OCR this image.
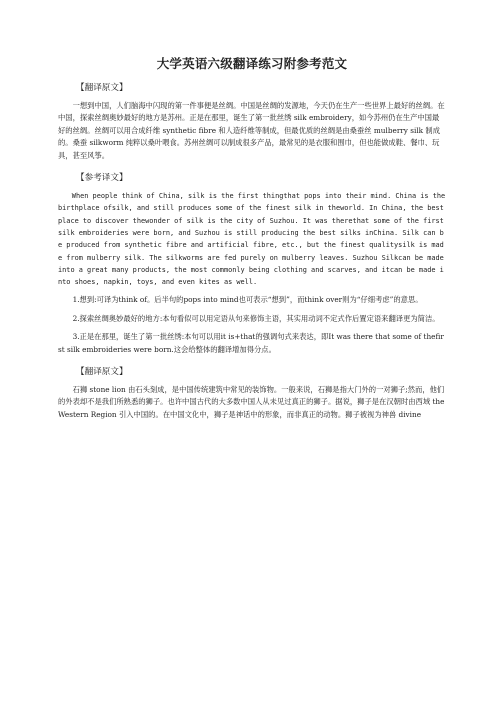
大学英语六级翻译练习附参考范文
【翻译原文】

一想到中国，人们脑海中闪现的第一件事便是丝绸。中国是丝绸的发源地，今天仍在生产一些世界上最好的丝绸。在中国，探索丝绸奥妙最好的地方是苏州。正是在那里，诞生了第一批丝绣 silk embroidery，如今苏州仍在生产中国最好的丝绸。丝绸可以用合成纤维 synthetic fibre 和人造纤维等制成，但最优质的丝绸是由桑蚕丝 mulberry silk 制成的。桑蚕 silkworm 纯粹以桑叶喂食。苏州丝绸可以制成很多产品，最常见的是衣服和围巾，但也能做成鞋、餐巾、玩具，甚至风筝。

【参考译文】

When people think of China, silk is the first thingthat pops into their mind. China is the birthplace ofsilk, and still produces some of the finest silk in theworld. In China, the best place to discover thewonder of silk is the city of Suzhou. It was therethat some of the first silk embroideries were born, and Suzhou is still producing the best silks inChina. Silk can be produced from synthetic fibre and artificial fibre, etc., but the finest qualitysilk is made from mulberry silk. The silkworms are fed purely on mulberry leaves. Suzhou Silkcan be made into a great many products, the most commonly being clothing and scarves, and itcan be made into shoes, napkin, toys, and even kites as well.

1.想到:可译为think of。后半句的pops into mind也可表示“想到”，而think over则为“仔细考虑”的意思。

2.探索丝绸奥妙最好的地方:本句看似可以用定语从句来修饰主语，其实用动词不定式作后置定语来翻译更为简洁。

3.正是在那里，诞生了第一批丝绣:本句可以用it is+that的强调句式来表达，即It was there that some of thefirst silk embroideries were born.这会给整体的翻译增加得分点。

【翻译原文】

石狮 stone lion 由石头刻成，是中国传统建筑中常见的装饰物。一般来说，石狮是指大门外的一对狮子;然而，他们的外表却不是我们所熟悉的狮子。也许中国古代的大多数中国人从未见过真正的狮子。据说，狮子是在汉朝时由西域 the Western Region 引入中国的。在中国文化中，狮子是神话中的形象，而非真正的动物。狮子被视为神兽 divine
